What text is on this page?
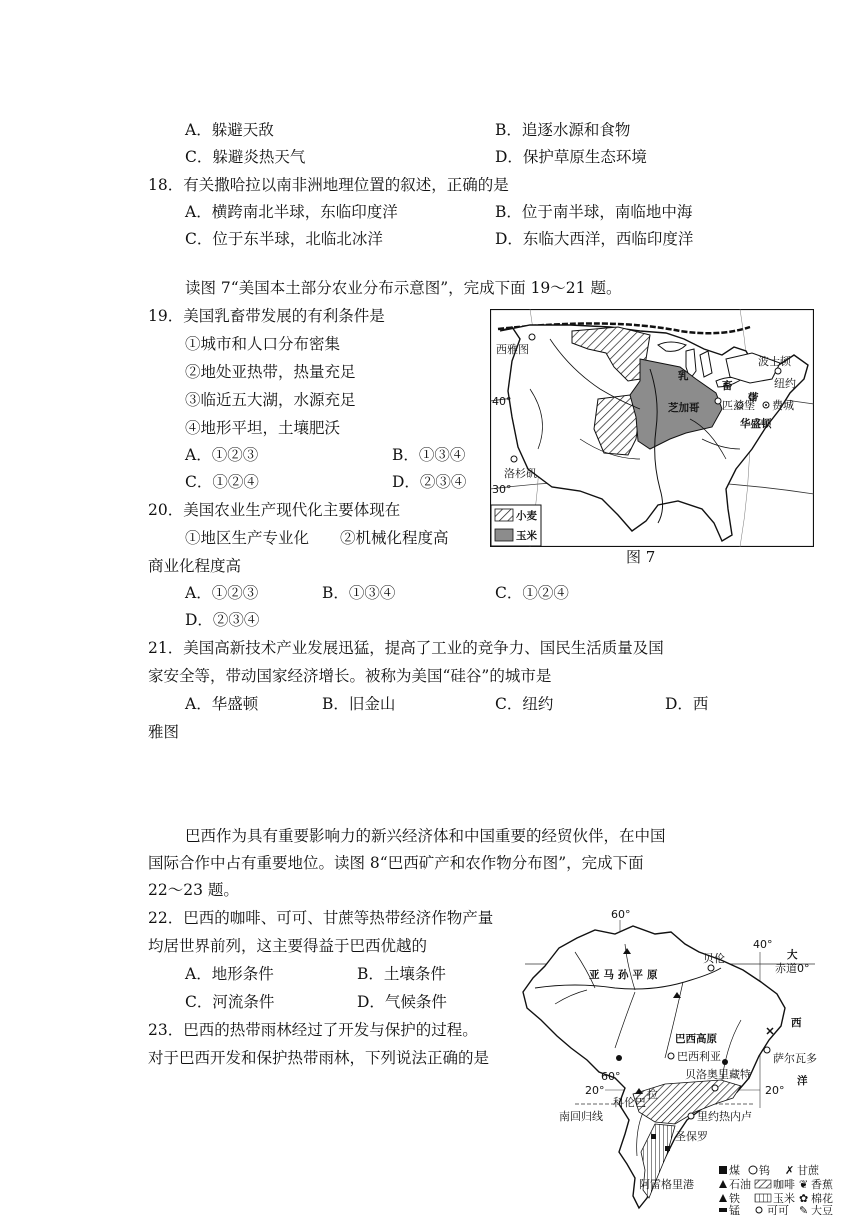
A．躲避天敌	B．追逐水源和食物
C．躲避炎热天气	D．保护草原生态环境
18．有关撒哈拉以南非洲地理位置的叙述，正确的是
A．横跨南北半球，东临印度洋	B．位于南半球，南临地中海
C．位于东半球，北临北冰洋	D．东临大西洋，西临印度洋
读图 7“美国本土部分农业分布示意图”，完成下面 19～21 题。
19．美国乳畜带发展的有利条件是
①城市和人口分布密集
②地处亚热带，热量充足
③临近五大湖，水源充足
④地形平坦，土壤肥沃
A．①②③	B．①③④
C．①②④	D．②③④
20．美国农业生产现代化主要体现在
①地区生产专业化　　②机械化程度高
商业化程度高
A．①②③	B．①③④	C．①②④
D．②③④
21．美国高新技术产业发展迅猛，提高了工业的竞争力、国民生活质量及国
家安全等，带动国家经济增长。被称为美国“硅谷”的城市是
A．华盛顿	B．旧金山	C．纽约	D．西
雅图
巴西作为具有重要影响力的新兴经济体和中国重要的经贸伙伴，在中国
国际合作中占有重要地位。读图 8“巴西矿产和农作物分布图”，完成下面
22～23 题。
22．巴西的咖啡、可可、甘蔗等热带经济作物产量
均居世界前列，这主要得益于巴西优越的
A．地形条件	B．土壤条件
C．河流条件	D．气候条件
23．巴西的热带雨林经过了开发与保护的过程。
对于巴西开发和保护热带雨林，下列说法正确的是
西雅图
乳
畜
带
波士顿
纽约
芝加哥 匹兹堡 费城
华盛顿
洛杉矶
40°
30°
小麦
玉米
图 7
60°
40°
大
赤道0°
亚马孙平原
贝伦
西
萨尔瓦多
洋
巴西高原
巴西利亚
贝洛奥里藏特
60°
20°	20°
科伦巴
拉
南回归线	里约热内卢
圣保罗
阿雷格里港
煤 钨 ✗ 甘蔗
石油 咖啡 ❦ 香蕉
铁	玉米 ✿ 棉花
锰 可可 ✎ 大豆
